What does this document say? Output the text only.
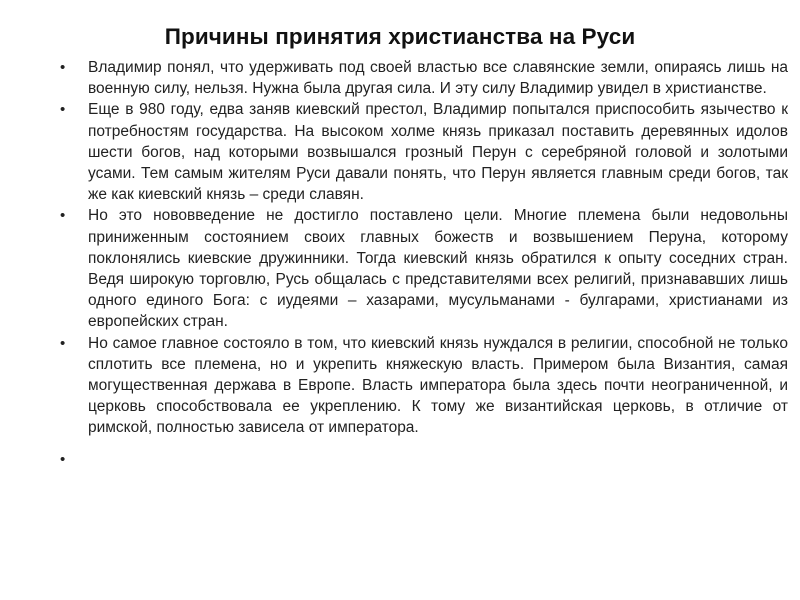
Причины принятия христианства на Руси
•	Владимир понял, что удерживать под своей властью все славянские земли, опираясь лишь на военную силу, нельзя. Нужна была другая сила. И эту силу Владимир увидел в христианстве.
•	Еще в 980 году, едва заняв киевский престол, Владимир попытался приспособить язычество к потребностям государства. На высоком холме князь приказал поставить деревянных идолов шести богов, над которыми возвышался грозный Перун с серебряной головой и золотыми усами. Тем самым жителям Руси давали понять, что Перун является главным среди богов, так же как киевский князь – среди славян.
•	Но это нововведение не достигло поставлено цели. Многие племена были недовольны приниженным состоянием своих главных божеств и возвышением Перуна, которому поклонялись киевские дружинники. Тогда киевский князь обратился к опыту соседних стран. Ведя широкую торговлю, Русь общалась с представителями всех религий, признававших лишь одного единого Бога: с иудеями – хазарами, мусульманами - булгарами, христианами из европейских стран.
•	Но самое главное состояло в том, что киевский князь нуждался в религии, способной не только сплотить все племена, но и укрепить княжескую власть. Примером была Византия, самая могущественная держава в Европе. Власть императора была здесь почти неограниченной, и церковь способствовала ее укреплению. К тому же византийская церковь, в отличие от римской, полностью зависела от императора.
•
